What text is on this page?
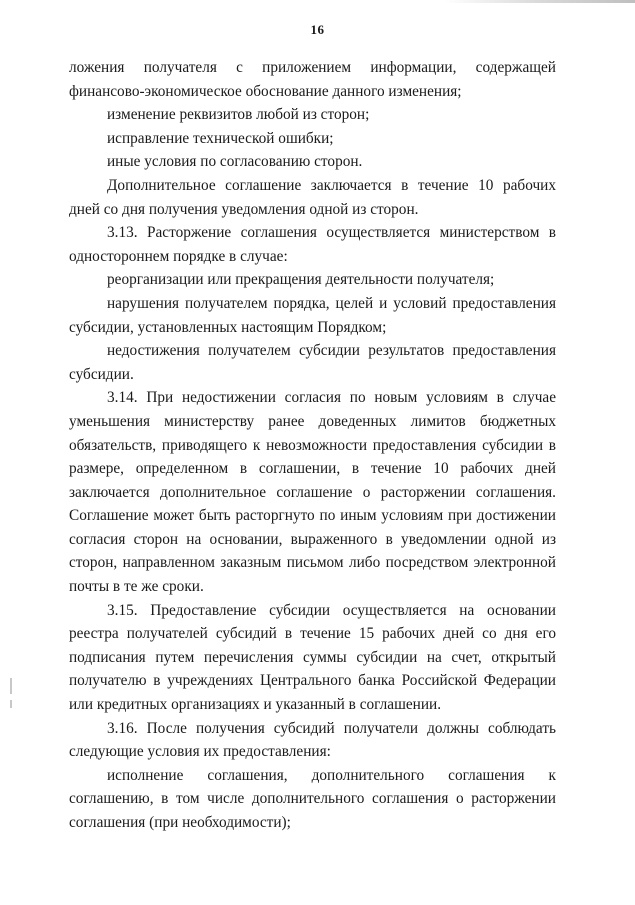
16

ложения получателя с приложением информации, содержащей финансово-экономическое обоснование данного изменения;

изменение реквизитов любой из сторон;

исправление технической ошибки;

иные условия по согласованию сторон.

Дополнительное соглашение заключается в течение 10 рабочих дней со дня получения уведомления одной из сторон.

3.13. Расторжение соглашения осуществляется министерством в одностороннем порядке в случае:

реорганизации или прекращения деятельности получателя;

нарушения получателем порядка, целей и условий предоставления субсидии, установленных настоящим Порядком;

недостижения получателем субсидии результатов предоставления субсидии.

3.14. При недостижении согласия по новым условиям в случае уменьшения министерству ранее доведенных лимитов бюджетных обязательств, приводящего к невозможности предоставления субсидии в размере, определенном в соглашении, в течение 10 рабочих дней заключается дополнительное соглашение о расторжении соглашения. Соглашение может быть расторгнуто по иным условиям при достижении согласия сторон на основании, выраженного в уведомлении одной из сторон, направленном заказным письмом либо посредством электронной почты в те же сроки.

3.15. Предоставление субсидии осуществляется на основании реестра получателей субсидий в течение 15 рабочих дней со дня его подписания путем перечисления суммы субсидии на счет, открытый получателю в учреждениях Центрального банка Российской Федерации или кредитных организациях и указанный в соглашении.

3.16. После получения субсидий получатели должны соблюдать следующие условия их предоставления:

исполнение соглашения, дополнительного соглашения к соглашению, в том числе дополнительного соглашения о расторжении соглашения (при необходимости);
